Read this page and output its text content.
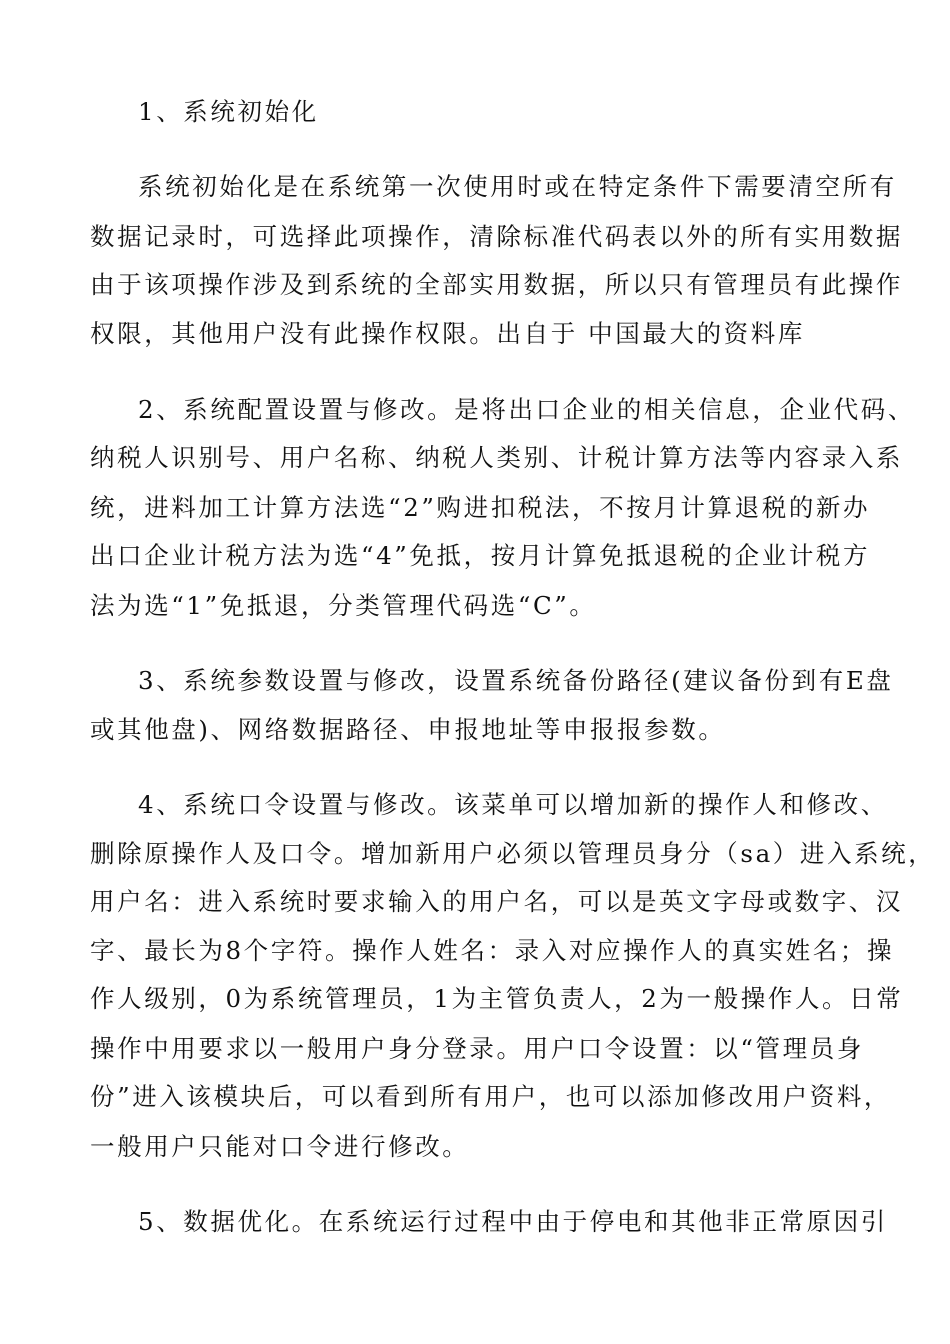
1、系统初始化
系统初始化是在系统第一次使用时或在特定条件下需要清空所有
数据记录时，可选择此项操作，清除标准代码表以外的所有实用数据
由于该项操作涉及到系统的全部实用数据，所以只有管理员有此操作
权限，其他用户没有此操作权限。出自于 中国最大的资料库
2、系统配置设置与修改。是将出口企业的相关信息，企业代码、
纳税人识别号、用户名称、纳税人类别、计税计算方法等内容录入系
统，进料加工计算方法选“2”购进扣税法，不按月计算退税的新办
出口企业计税方法为选“4”免抵，按月计算免抵退税的企业计税方
法为选“1”免抵退，分类管理代码选“C”。
3、系统参数设置与修改，设置系统备份路径(建议备份到有E盘
或其他盘)、网络数据路径、申报地址等申报报参数。
4、系统口令设置与修改。该菜单可以增加新的操作人和修改、
删除原操作人及口令。增加新用户必须以管理员身分（sa）进入系统，
用户名：进入系统时要求输入的用户名，可以是英文字母或数字、汉
字、最长为8个字符。操作人姓名：录入对应操作人的真实姓名；操
作人级别，0为系统管理员，1为主管负责人，2为一般操作人。日常
操作中用要求以一般用户身分登录。用户口令设置：以“管理员身
份”进入该模块后，可以看到所有用户，也可以添加修改用户资料，
一般用户只能对口令进行修改。
5、数据优化。在系统运行过程中由于停电和其他非正常原因引
